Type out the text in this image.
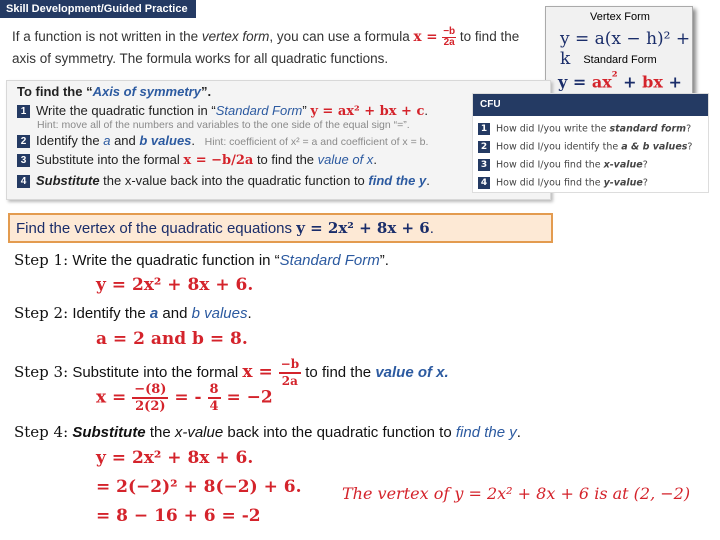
Skill Development/Guided Practice
If a function is not written in the vertex form, you can use a formula $x = \frac{-b}{2a}$ to find the
axis of symmetry. The formula works for all quadratic functions.
Vertex Form
y = a(x − h)² + k	Standard Form
$y = ax^{^2}$ + bx +
To find the “Axis of symmetry”.
1 Write the quadratic function in “Standard Form” y = ax² + bx + c.
Hint: move all of the numbers and variables to the one side of the equal sign “=”.
2 Identify the a and b values. Hint: coefficient of x² = a and coefficient of x = b.
3 Substitute into the formal x = −b/2a to find the value of x.
4 Substitute the x-value back into the quadratic function to find the y.
CFU
1 How did I/you write the standard form?
2 How did I/you identify the a & b values?
3 How did I/you find the x-value?
4 How did I/you find the y-value?
Find the vertex of the quadratic equations y = 2x² + 8x + 6.
Step 1: Write the quadratic function in “Standard Form”.
y = 2x² + 8x + 6.
Step 2: Identify the a and b values.
a = 2 and b = 8.
Step 3: Substitute into the formal $x = \frac{-b}{2a}$ to find the value of x.
$x = \frac{-(8)}{2(2)}$ = - $\frac{8}{4} = -2$
Step 4: Substitute the x-value back into the quadratic function to find the y.
y = 2x² + 8x + 6.
= 2(−2)² + 8(−2) + 6.
= 8 − 16 + 6 = -2
The vertex of y = 2x² + 8x + 6 is at (2, −2)
